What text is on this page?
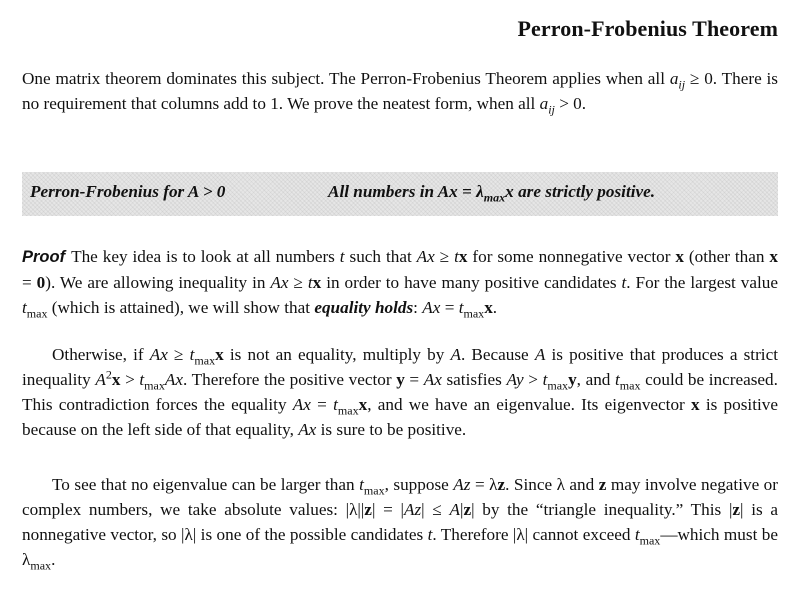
Perron-Frobenius Theorem

One matrix theorem dominates this subject. The Perron-Frobenius Theorem applies when all $a_{ij} \ge 0$. There is no requirement that columns add to 1. We prove the neatest form, when all $a_{ij} > 0$.

Perron-Frobenius for A > 0	All numbers in $Ax = \lambda_{max}x$ are strictly positive.

Proof The key idea is to look at all numbers t such that Ax ≥ tx for some nonnegative vector x (other than x = 0). We are allowing inequality in Ax ≥ tx in order to have many positive candidates t. For the largest value $t_{max}$ (which is attained), we will show that equality holds: $Ax = t_{max}x$.

Otherwise, if $Ax \ge t_{max}x$ is not an equality, multiply by A. Because A is positive that produces a strict inequality $A^2x > t_{max}Ax$. Therefore the positive vector y = Ax satisfies $Ay > t_{max}y$, and $t_{max}$ could be increased. This contradiction forces the equality $Ax = t_{max}x$, and we have an eigenvalue. Its eigenvector x is positive because on the left side of that equality, Ax is sure to be positive.

To see that no eigenvalue can be larger than $t_{max}$, suppose Az = λz. Since λ and z may involve negative or complex numbers, we take absolute values: |λ||z| = |Az| ≤ A|z| by the “triangle inequality.” This |z| is a nonnegative vector, so |λ| is one of the possible candidates t. Therefore |λ| cannot exceed $t_{max}—which$ must be $\lambda_{max}$.
